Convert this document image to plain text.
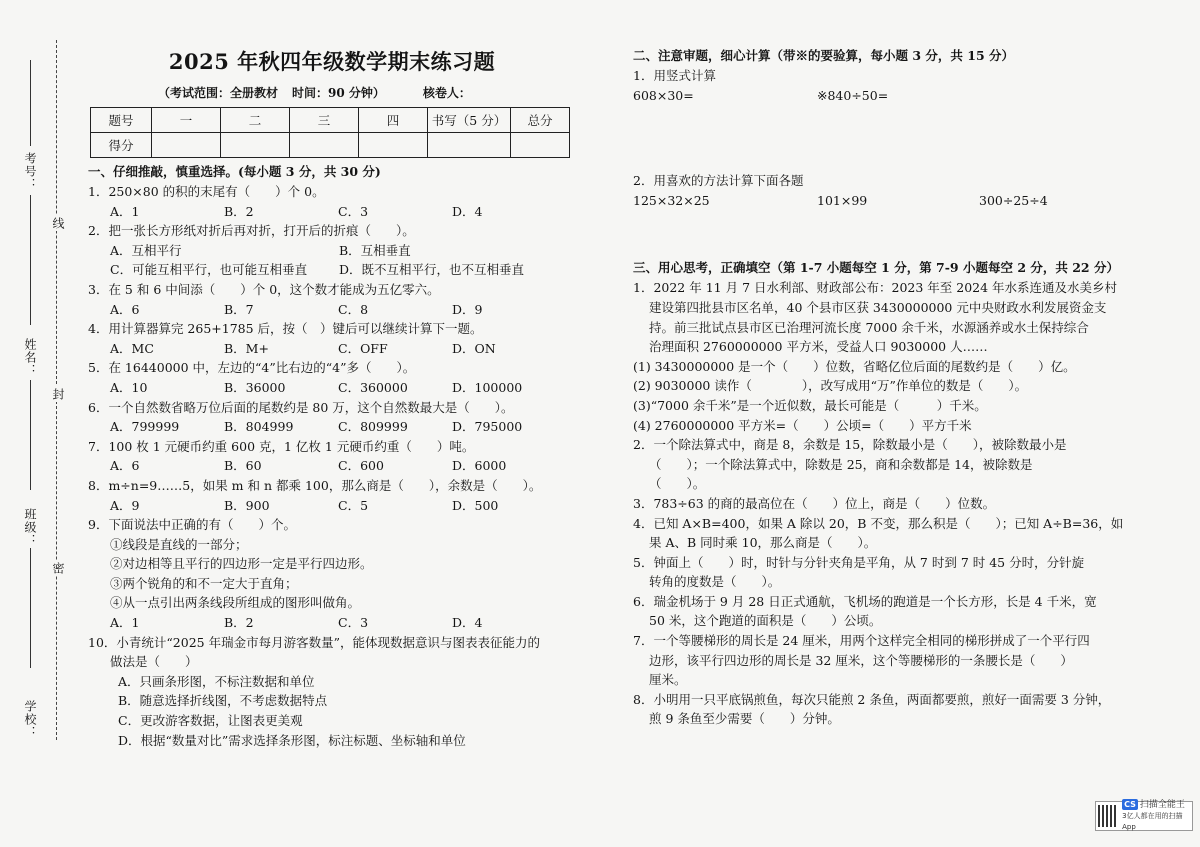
考号：
线
姓名：
封
班级：
密
学校：
2025 年秋四年级数学期末练习题
（考试范围：全册教材 时间：90 分钟）	核卷人：
题号	一	二	三	四	书写（5 分）	总分
得分						
一、仔细推敲，慎重选择。(每小题 3 分，共 30 分)
1．250×80 的积的末尾有（　　）个 0。
A．1	B．2	C．3	D．4
2．把一张长方形纸对折后再对折，打开后的折痕（　　）。
A．互相平行	B．互相垂直
C．可能互相平行，也可能互相垂直	D．既不互相平行，也不互相垂直
3．在 5 和 6 中间添（　　）个 0，这个数才能成为五亿零六。
A．6	B．7	C．8	D．9
4．用计算器算完 265+1785 后，按（　）键后可以继续计算下一题。
A．MC	B．M+	C．OFF	D．ON
5．在 16440000 中，左边的“4”比右边的“4”多（　　）。
A．10	B．36000	C．360000	D．100000
6．一个自然数省略万位后面的尾数约是 80 万，这个自然数最大是（　　）。
A．799999	B．804999	C．809999	D．795000
7．100 枚 1 元硬币约重 600 克，1 亿枚 1 元硬币约重（　　）吨。
A．6	B．60	C．600	D．6000
8．m÷n=9……5，如果 m 和 n 都乘 100，那么商是（　　），余数是（　　）。
A．9	B．900	C．5	D．500
9．下面说法中正确的有（　　）个。
①线段是直线的一部分；
②对边相等且平行的四边形一定是平行四边形。
③两个锐角的和不一定大于直角；
④从一点引出两条线段所组成的图形叫做角。
A．1	B．2	C．3	D．4
10．小青统计“2025 年瑞金市每月游客数量”，能体现数据意识与图表表征能力的
做法是（　　）
A．只画条形图，不标注数据和单位
B．随意选择折线图，不考虑数据特点
C．更改游客数据，让图表更美观
D．根据“数量对比”需求选择条形图，标注标题、坐标轴和单位
二、注意审题，细心计算（带※的要验算，每小题 3 分，共 15 分）
1．用竖式计算
608×30=	※840÷50=
2．用喜欢的方法计算下面各题
125×32×25	101×99	300÷25÷4
三、用心思考，正确填空（第 1-7 小题每空 1 分，第 7-9 小题每空 2 分，共 22 分）
1．2022 年 11 月 7 日水利部、财政部公布：2023 年至 2024 年水系连通及水美乡村
建设第四批县市区名单，40 个县市区获 3430000000 元中央财政水利发展资金支
持。前三批试点县市区已治理河流长度 7000 余千米，水源涵养或水土保持综合
治理面积 2760000000 平方米，受益人口 9030000 人……
(1) 3430000000 是一个（　　）位数，省略亿位后面的尾数约是（　　）亿。
(2) 9030000 读作（　　　　），改写成用“万”作单位的数是（　　）。
(3)“7000 余千米”是一个近似数，最长可能是（　　　）千米。
(4) 2760000000 平方米=（　　）公顷=（　　）平方千米
2．一个除法算式中，商是 8，余数是 15，除数最小是（　　），被除数最小是
（　　）；一个除法算式中，除数是 25，商和余数都是 14，被除数是
（　　）。
3．783÷63 的商的最高位在（　　）位上，商是（　　）位数。
4．已知 A×B=400，如果 A 除以 20，B 不变，那么积是（　　）；已知 A÷B=36，如
果 A、B 同时乘 10，那么商是（　　）。
5．钟面上（　　）时，时针与分针夹角是平角，从 7 时到 7 时 45 分时，分针旋
转角的度数是（　　）。
6．瑞金机场于 9 月 28 日正式通航，飞机场的跑道是一个长方形，长是 4 千米，宽
50 米，这个跑道的面积是（　　）公顷。
7．一个等腰梯形的周长是 24 厘米，用两个这样完全相同的梯形拼成了一个平行四
边形，该平行四边形的周长是 32 厘米，这个等腰梯形的一条腰长是（　　）
厘米。
8．小明用一只平底锅煎鱼，每次只能煎 2 条鱼，两面都要煎，煎好一面需要 3 分钟，
煎 9 条鱼至少需要（　　）分钟。
CS 扫描全能王
3亿人都在用的扫描App
